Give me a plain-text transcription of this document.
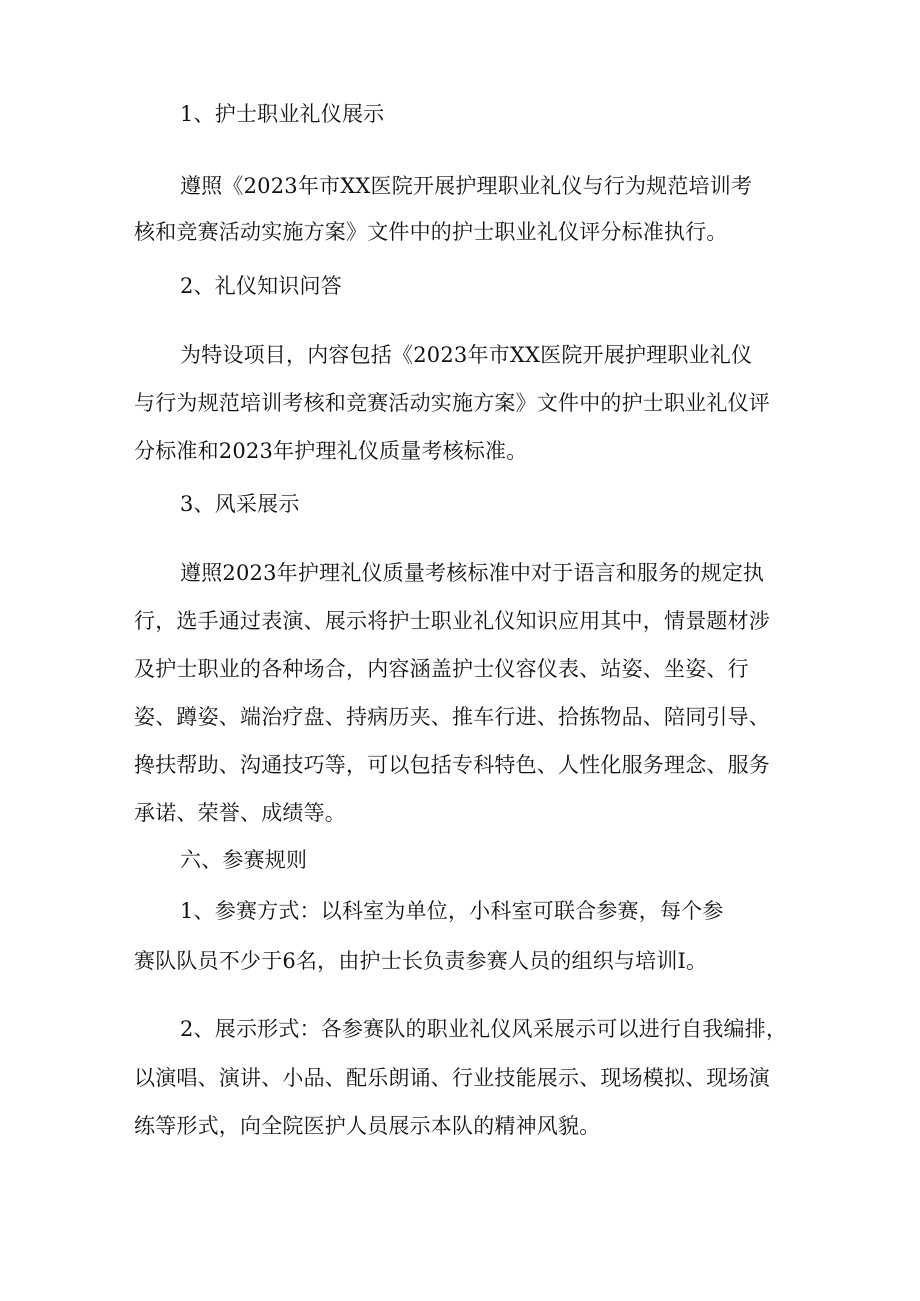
1、护士职业礼仪展示
遵照《2023年市XX医院开展护理职业礼仪与行为规范培训考
核和竞赛活动实施方案》文件中的护士职业礼仪评分标准执行。
2、礼仪知识问答
为特设项目，内容包括《2023年市XX医院开展护理职业礼仪
与行为规范培训考核和竞赛活动实施方案》文件中的护士职业礼仪评
分标准和2023年护理礼仪质量考核标准。
3、风采展示
遵照2023年护理礼仪质量考核标准中对于语言和服务的规定执
行，选手通过表演、展示将护士职业礼仪知识应用其中，情景题材涉
及护士职业的各种场合，内容涵盖护士仪容仪表、站姿、坐姿、行
姿、蹲姿、端治疗盘、持病历夹、推车行进、拾拣物品、陪同引导、
搀扶帮助、沟通技巧等，可以包括专科特色、人性化服务理念、服务
承诺、荣誉、成绩等。
六、参赛规则
1、参赛方式：以科室为单位，小科室可联合参赛，每个参
赛队队员不少于6名，由护士长负责参赛人员的组织与培训I。
2、展示形式：各参赛队的职业礼仪风采展示可以进行自我编排，
以演唱、演讲、小品、配乐朗诵、行业技能展示、现场模拟、现场演
练等形式，向全院医护人员展示本队的精神风貌。
